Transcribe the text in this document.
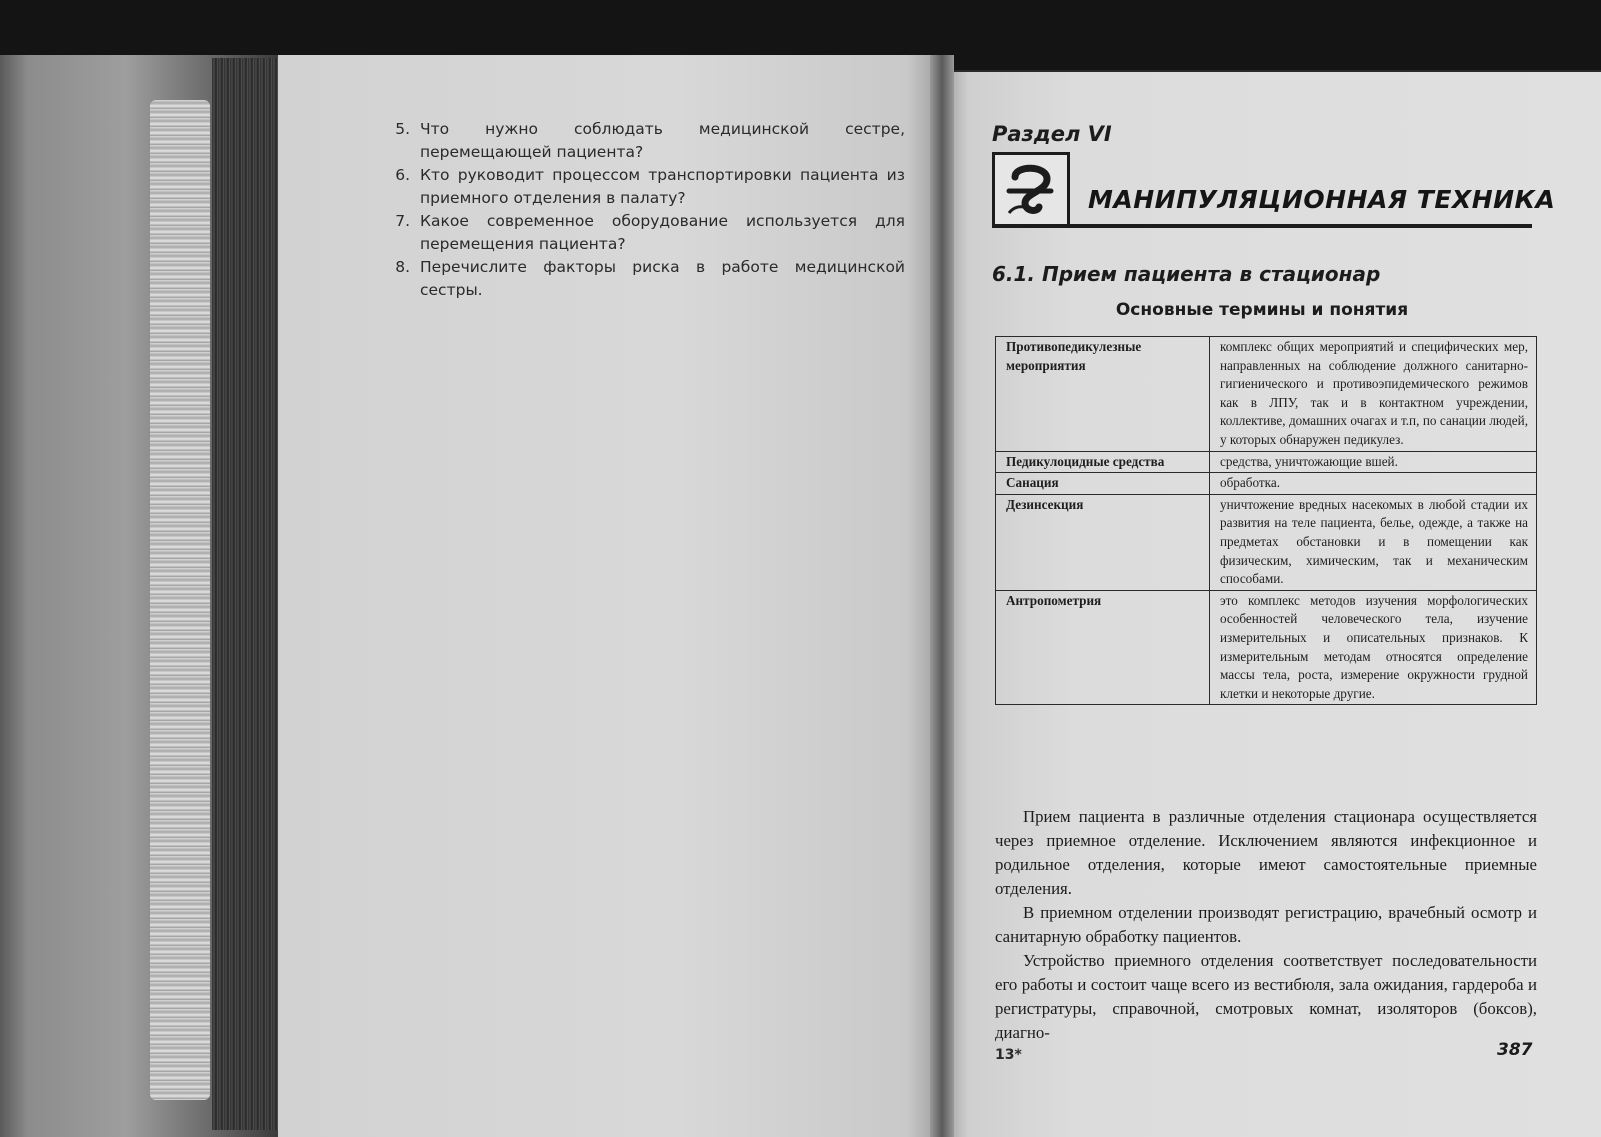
5. Что нужно соблюдать медицинской сестре, перемещающей пациента?
6. Кто руководит процессом транспортировки пациента из приемного отделения в палату?
7. Какое современное оборудование используется для перемещения пациента?
8. Перечислите факторы риска в работе медицинской сестры.
Раздел VI
МАНИПУЛЯЦИОННАЯ ТЕХНИКА
6.1. Прием пациента в стационар
Основные термины и понятия
Противопедикулезные мероприятия	комплекс общих мероприятий и специфических мер, направленных на соблюдение должного санитарно-гигиенического и противоэпидемического режимов как в ЛПУ, так и в контактном учреждении, коллективе, домашних очагах и т.п, по санации людей, у которых обнаружен педикулез.
Педикулоцидные средства	средства, уничтожающие вшей.
Санация	обработка.
Дезинсекция	уничтожение вредных насекомых в любой стадии их развития на теле пациента, белье, одежде, а также на предметах обстановки и в помещении как физическим, химическим, так и механическим способами.
Антропометрия	это комплекс методов изучения морфологических особенностей человеческого тела, изучение измерительных и описательных признаков. К измерительным методам относятся определение массы тела, роста, измерение окружности грудной клетки и некоторые другие.

Прием пациента в различные отделения стационара осуществляется через приемное отделение. Исключением являются инфекционное и родильное отделения, которые имеют самостоятельные приемные отделения.

В приемном отделении производят регистрацию, врачебный осмотр и санитарную обработку пациентов.

Устройство приемного отделения соответствует последовательности его работы и состоит чаще всего из вестибюля, зала ожидания, гардероба и регистратуры, справочной, смотровых комнат, изоляторов (боксов), диагно-

13*	387
